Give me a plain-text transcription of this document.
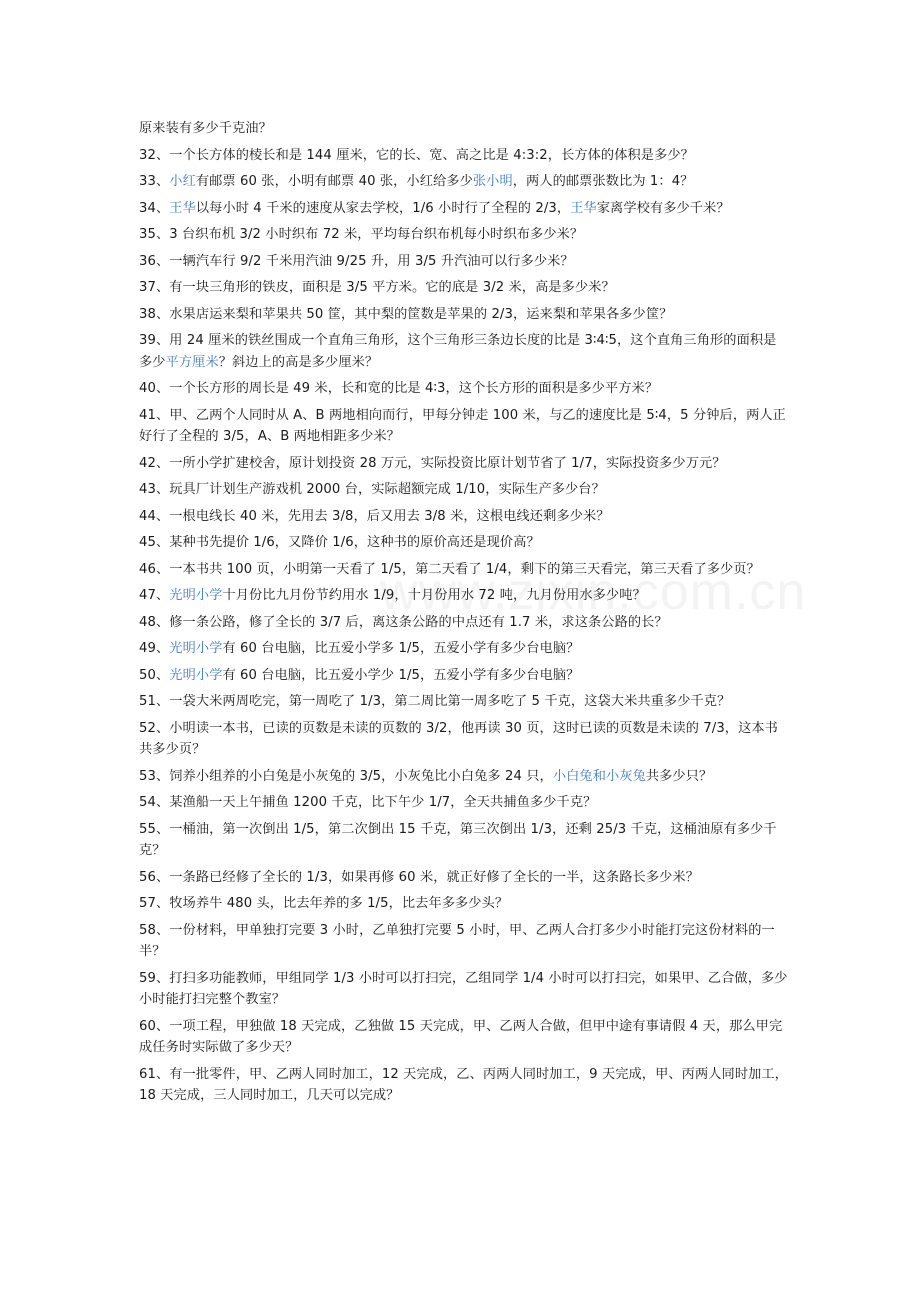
原来装有多少千克油？
32、一个长方体的棱长和是 144 厘米，它的长、宽、高之比是 4:3:2，长方体的体积是多少？
33、小红有邮票 60 张，小明有邮票 40 张，小红给多少张小明，两人的邮票张数比为 1：4？
34、王华以每小时 4 千米的速度从家去学校，1/6 小时行了全程的 2/3，王华家离学校有多少千米？
35、3 台织布机 3/2 小时织布 72 米，平均每台织布机每小时织布多少米？
36、一辆汽车行 9/2 千米用汽油 9/25 升，用 3/5 升汽油可以行多少米？
37、有一块三角形的铁皮，面积是 3/5 平方米。它的底是 3/2 米，高是多少米？
38、水果店运来梨和苹果共 50 筐，其中梨的筐数是苹果的 2/3，运来梨和苹果各多少筐？
39、用 24 厘米的铁丝围成一个直角三角形，这个三角形三条边长度的比是 3∶4∶5，这个直角三角形的面积是多少平方厘米？斜边上的高是多少厘米？
40、一个长方形的周长是 49 米，长和宽的比是 4∶3，这个长方形的面积是多少平方米？
41、甲、乙两个人同时从 A、B 两地相向而行，甲每分钟走 100 米，与乙的速度比是 5∶4，5 分钟后，两人正好行了全程的 3/5，A、B 两地相距多少米？
42、一所小学扩建校舍，原计划投资 28 万元，实际投资比原计划节省了 1/7，实际投资多少万元？
43、玩具厂计划生产游戏机 2000 台，实际超额完成 1/10，实际生产多少台？
44、一根电线长 40 米，先用去 3/8，后又用去 3/8 米，这根电线还剩多少米？
45、某种书先提价 1/6，又降价 1/6，这种书的原价高还是现价高？
46、一本书共 100 页，小明第一天看了 1/5，第二天看了 1/4，剩下的第三天看完，第三天看了多少页？
47、光明小学十月份比九月份节约用水 1/9，十月份用水 72 吨，九月份用水多少吨？
48、修一条公路，修了全长的 3/7 后，离这条公路的中点还有 1.7 米，求这条公路的长？
49、光明小学有 60 台电脑，比五爱小学多 1/5，五爱小学有多少台电脑？
50、光明小学有 60 台电脑，比五爱小学少 1/5，五爱小学有多少台电脑？
51、一袋大米两周吃完，第一周吃了 1/3，第二周比第一周多吃了 5 千克，这袋大米共重多少千克？
52、小明读一本书，已读的页数是未读的页数的 3/2，他再读 30 页，这时已读的页数是未读的 7/3，这本书共多少页？
53、饲养小组养的小白兔是小灰兔的 3/5，小灰兔比小白兔多 24 只，小白兔和小灰兔共多少只？
54、某渔船一天上午捕鱼 1200 千克，比下午少 1/7，全天共捕鱼多少千克？
55、一桶油，第一次倒出 1/5，第二次倒出 15 千克，第三次倒出 1/3，还剩 25/3 千克，这桶油原有多少千克？
56、一条路已经修了全长的 1/3，如果再修 60 米，就正好修了全长的一半，这条路长多少米？
57、牧场养牛 480 头，比去年养的多 1/5，比去年多多少头？
58、一份材料，甲单独打完要 3 小时，乙单独打完要 5 小时，甲、乙两人合打多少小时能打完这份材料的一半？
59、打扫多功能教师，甲组同学 1/3 小时可以打扫完，乙组同学 1/4 小时可以打扫完，如果甲、乙合做，多少小时能打扫完整个教室？
60、一项工程，甲独做 18 天完成，乙独做 15 天完成，甲、乙两人合做，但甲中途有事请假 4 天，那么甲完成任务时实际做了多少天？
61、有一批零件，甲、乙两人同时加工，12 天完成，乙、丙两人同时加工，9 天完成，甲、丙两人同时加工，18 天完成，三人同时加工，几天可以完成？
